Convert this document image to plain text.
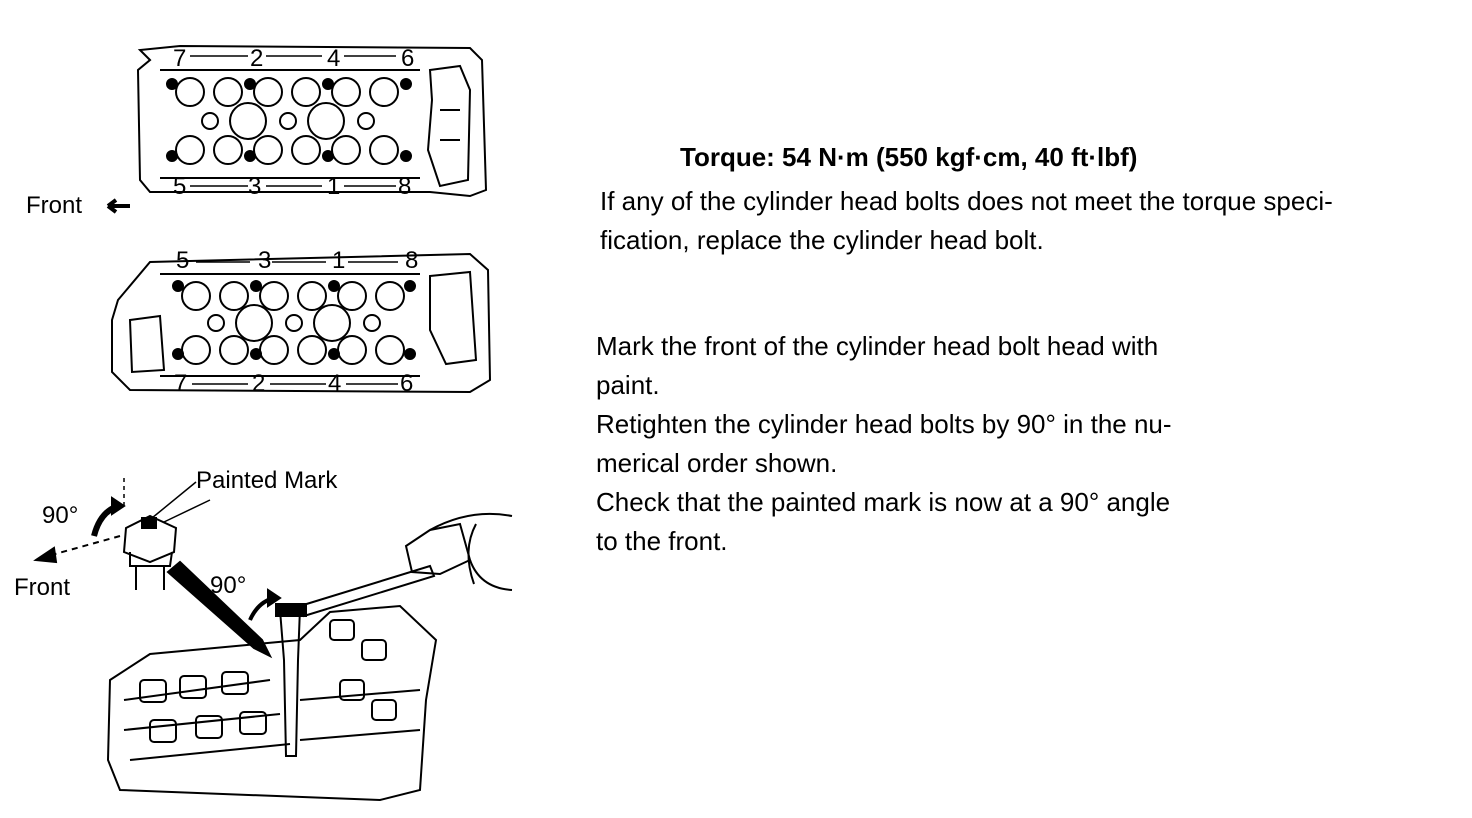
7	2	4	6
5	3	1 8
Front
5	3	1 8
7	2	4 6
Painted Mark
90°
Front	90°
Torque: 54 N·m (550 kgf·cm, 40 ft·lbf)

If any of the cylinder head bolts does not meet the torque speci-

fication, replace the cylinder head bolt.

Mark the front of the cylinder head bolt head with

paint.

Retighten the cylinder head bolts by 90° in the nu-

merical order shown.

Check that the painted mark is now at a 90° angle

to the front.
